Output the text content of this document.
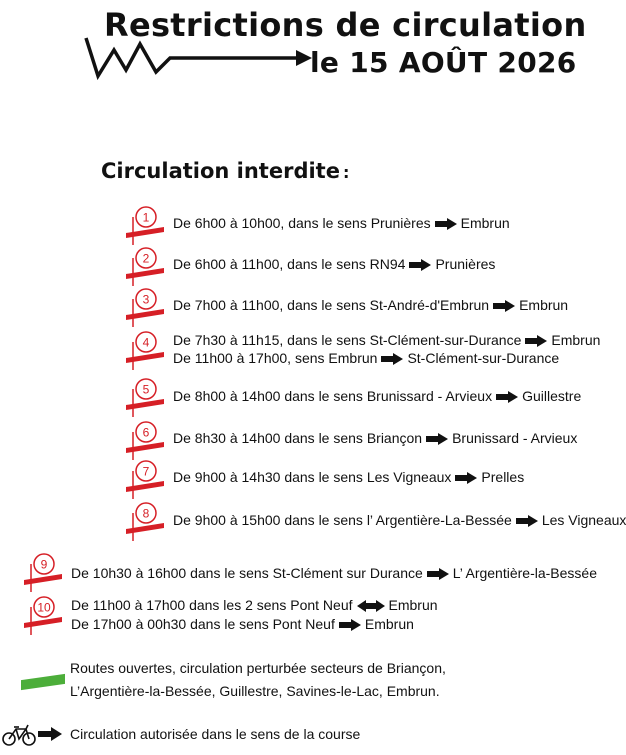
Restrictions de circulation
le 15 AOÛT 2026
Circulation interdite :
1 De 6h00 à 10h00, dans le sens Prunières Embrun
2 De 6h00 à 11h00, dans le sens RN94 Prunières
3 De 7h00 à 11h00, dans le sens St-André-d'Embrun Embrun
4 De 7h30 à 11h15, dans le sens St-Clément-sur-Durance Embrun
De 11h00 à 17h00, sens Embrun St-Clément-sur-Durance
5 De 8h00 à 14h00 dans le sens Brunissard - Arvieux Guillestre
6 De 8h30 à 14h00 dans le sens Briançon Brunissard - Arvieux
7 De 9h00 à 14h30 dans le sens Les Vigneaux Prelles
8 De 9h00 à 15h00 dans le sens l’ Argentière-La-Bessée Les Vigneaux
9
De 10h30 à 16h00 dans le sens St-Clément sur Durance L’ Argentière-la-Bessée
10 De 11h00 à 17h00 dans les 2 sens Pont Neuf	Embrun
De 17h00 à 00h30 dans le sens Pont Neuf Embrun
Routes ouvertes, circulation perturbée secteurs de Briançon,
L’Argentière-la-Bessée, Guillestre, Savines-le-Lac, Embrun.
Circulation autorisée dans le sens de la course
